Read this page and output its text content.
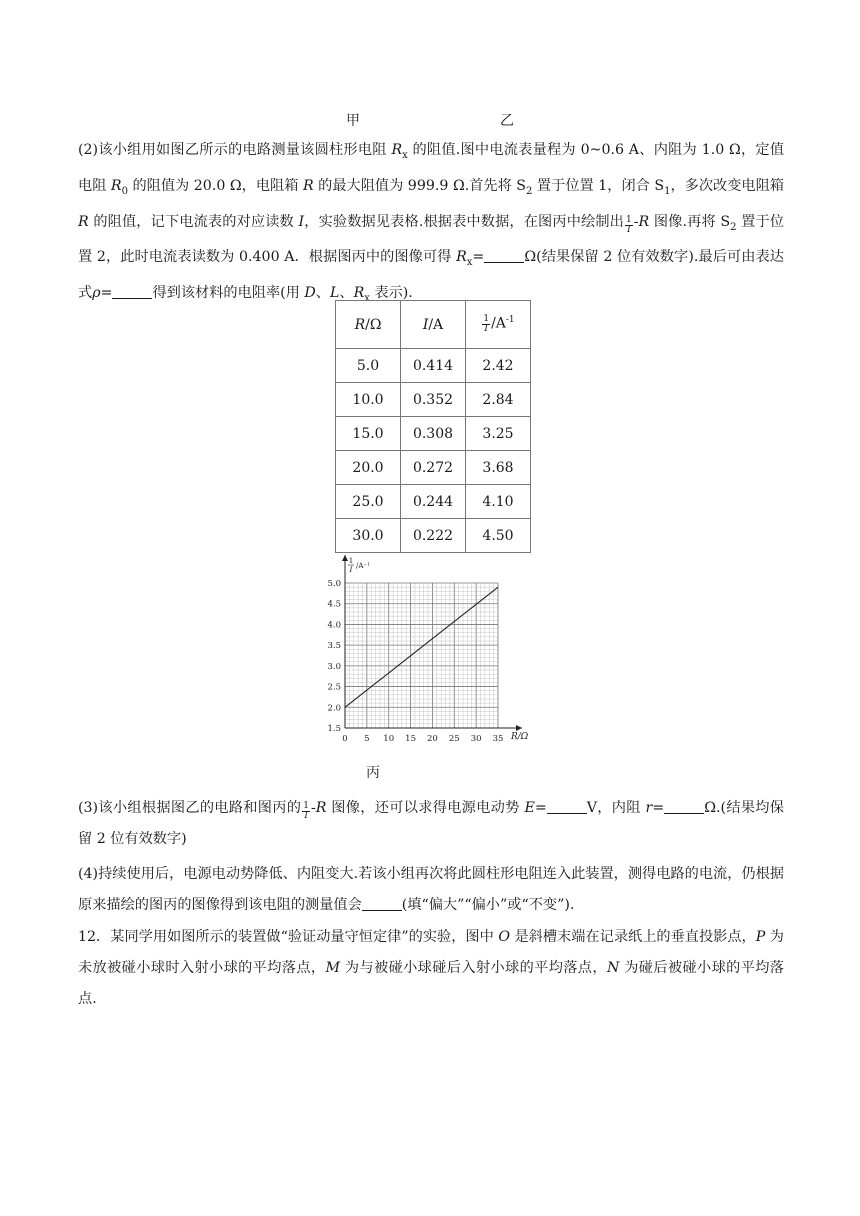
甲	乙

(2)该小组用如图乙所示的电路测量该圆柱形电阻 $R_x$ 的阻值.图中电流表量程为 0~0.6 A、内阻为 1.0 Ω，定值电阻 $R_0$ 的阻值为 20.0 Ω，电阻箱 R 的最大阻值为 999.9 Ω.首先将 $S_2$ 置于位置 1，闭合 $S_1$，多次改变电阻箱 R 的阻值，记下电流表的对应读数 I，实验数据见表格.根据表中数据，在图丙中绘制出 $\frac{1}{I} -R$ 图像.再将 $S_2$ 置于位置 2，此时电流表读数为 0.400 A．根据图丙中的图像可得 $R_x=$	Ω(结果保留 2 位有效数字).最后可由表达式ρ=	得到该材料的电阻率(用 D、L、$R_x$ 表示).

R/Ω	I/A	$\frac{1}{I} /A^{-1}$
5.0	0.414	2.42
10.0	0.352	2.84
15.0	0.308	3.25
20.0	0.272	3.68
25.0	0.244	4.10
30.0	0.222	4.50
0 5 10 15 20 25 30 35
1.5
2.0
2.5
3.0
3.5
4.0
4.5
5.0
R/Ω
1
I /A⁻¹
丙

(3)该小组根据图乙的电路和图丙的 $\frac{1}{I} -R$ 图像，还可以求得电源电动势 E=	V，内阻 r=	Ω.(结果均保留 2 位有效数字)

(4)持续使用后，电源电动势降低、内阻变大.若该小组再次将此圆柱形电阻连入此装置，测得电路的电流，仍根据原来描绘的图丙的图像得到该电阻的测量值会	(填“偏大”“偏小”或“不变”).

12．某同学用如图所示的装置做“验证动量守恒定律”的实验，图中 O 是斜槽末端在记录纸上的垂直投影点，P 为未放被碰小球时入射小球的平均落点，M 为与被碰小球碰后入射小球的平均落点，N 为碰后被碰小球的平均落点.
